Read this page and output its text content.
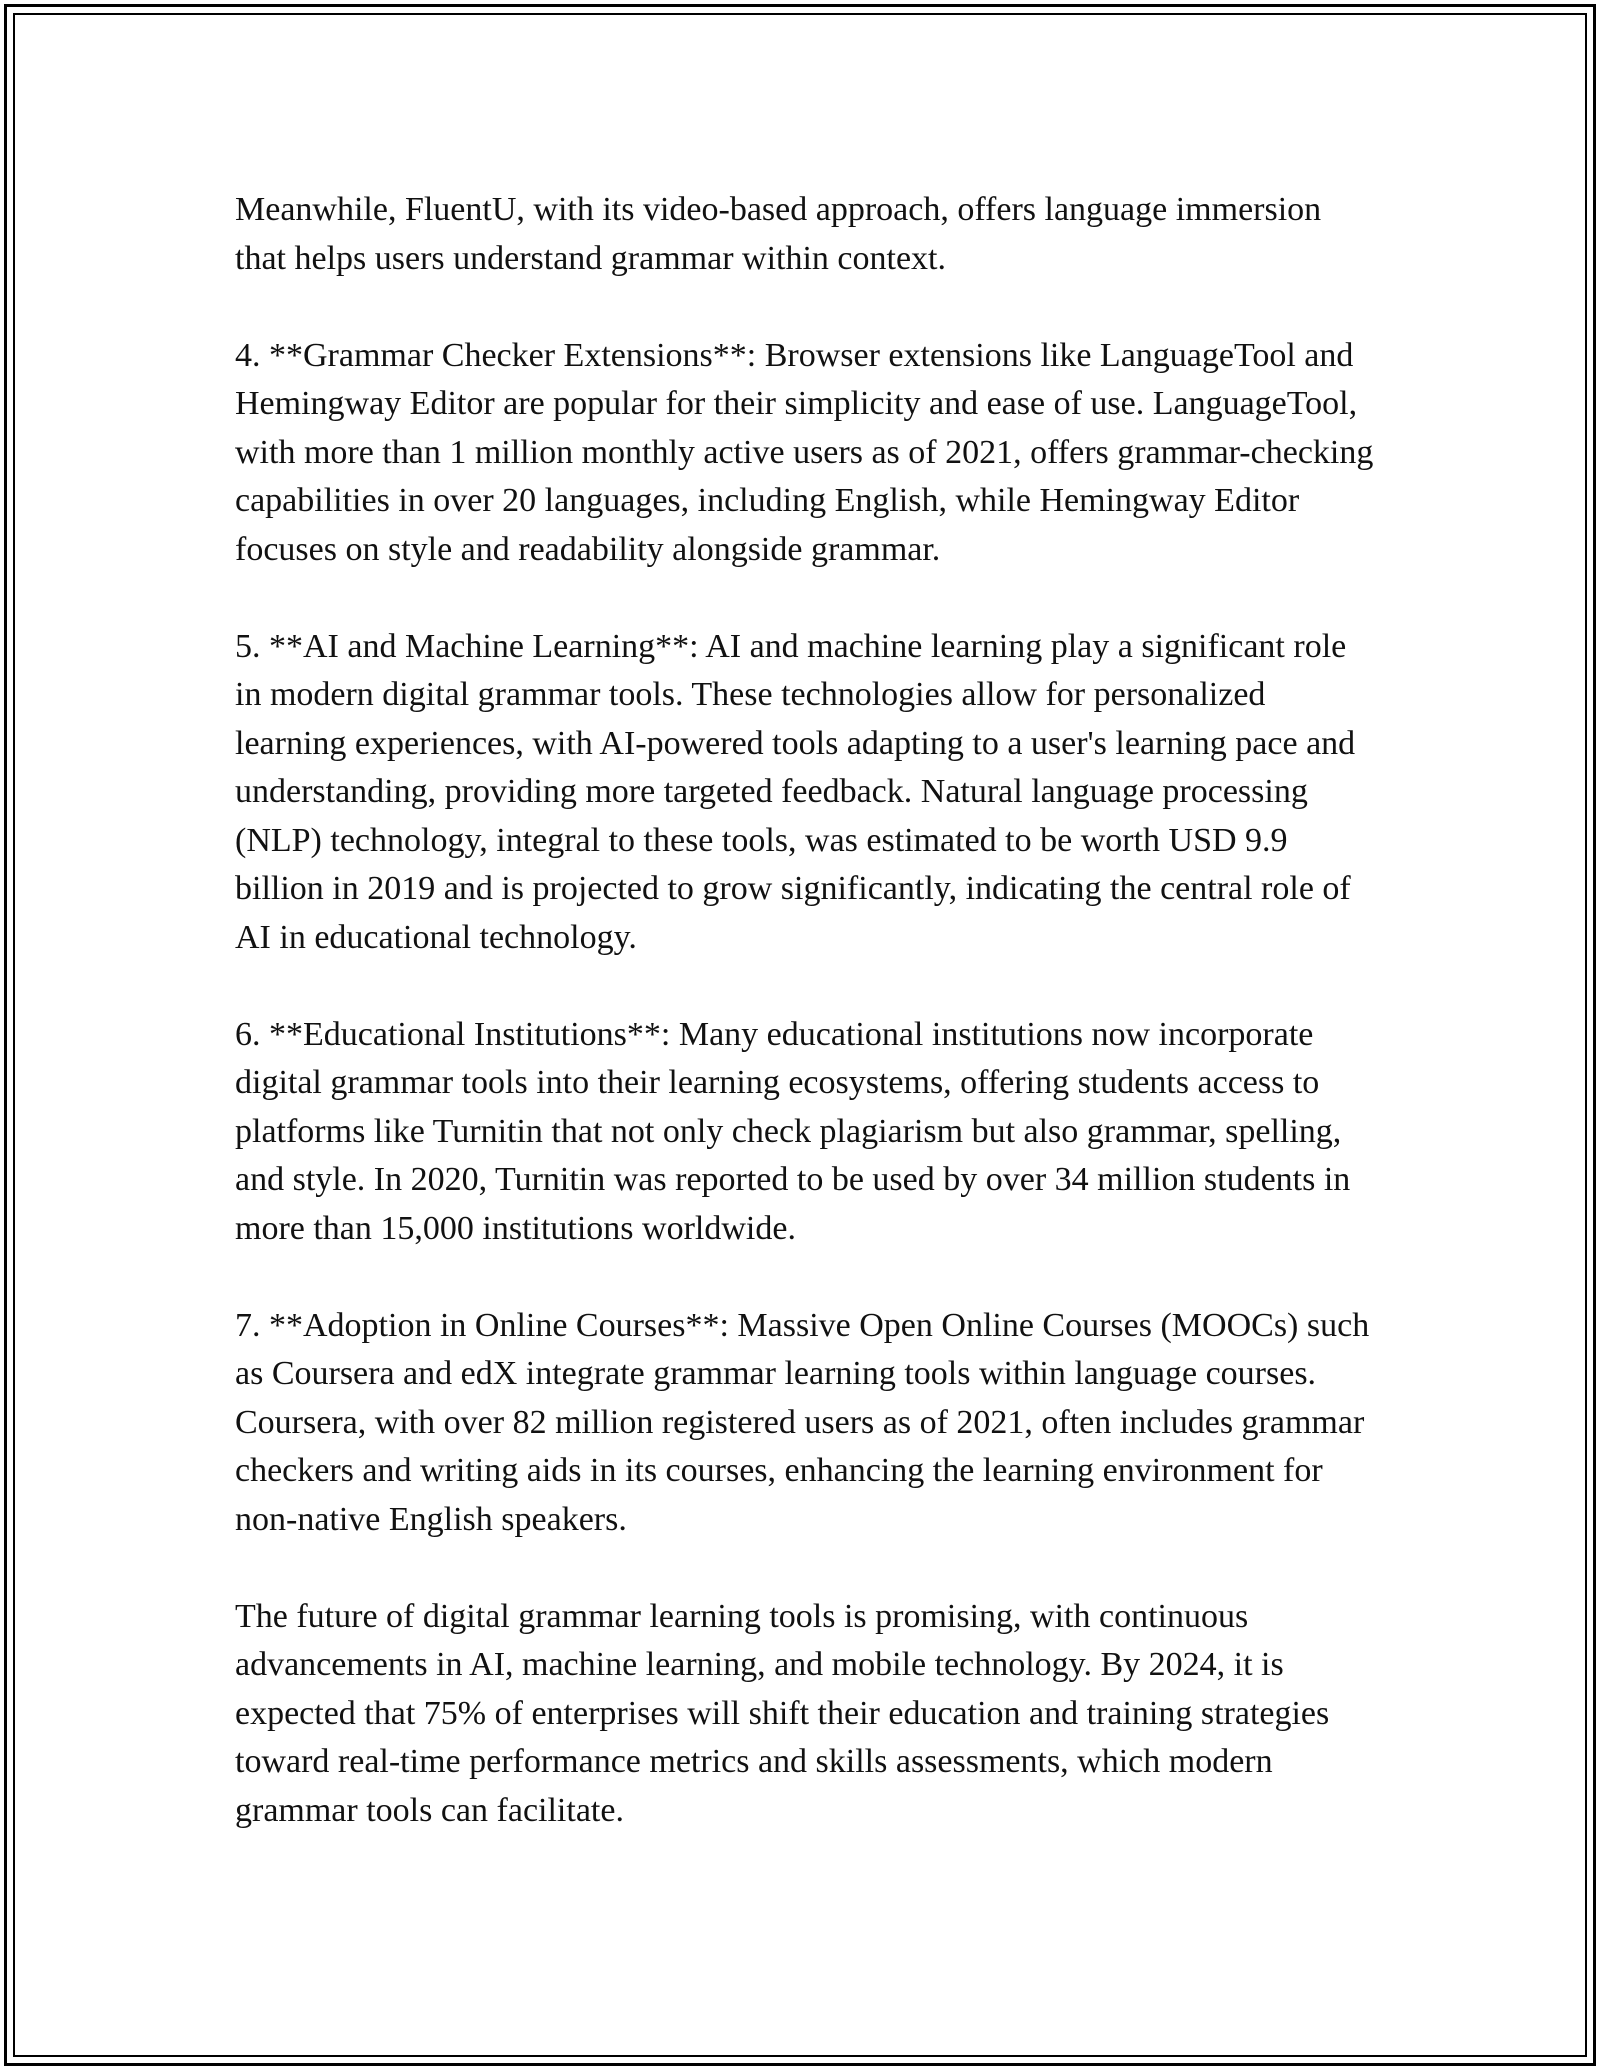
Meanwhile, FluentU, with its video-based approach, offers language immersion that helps users understand grammar within context.

4. **Grammar Checker Extensions**: Browser extensions like LanguageTool and Hemingway Editor are popular for their simplicity and ease of use. LanguageTool, with more than 1 million monthly active users as of 2021, offers grammar-checking capabilities in over 20 languages, including English, while Hemingway Editor focuses on style and readability alongside grammar.

5. **AI and Machine Learning**: AI and machine learning play a significant role in modern digital grammar tools. These technologies allow for personalized learning experiences, with AI-powered tools adapting to a user's learning pace and understanding, providing more targeted feedback. Natural language processing (NLP) technology, integral to these tools, was estimated to be worth USD 9.9 billion in 2019 and is projected to grow significantly, indicating the central role of AI in educational technology.

6. **Educational Institutions**: Many educational institutions now incorporate digital grammar tools into their learning ecosystems, offering students access to platforms like Turnitin that not only check plagiarism but also grammar, spelling, and style. In 2020, Turnitin was reported to be used by over 34 million students in more than 15,000 institutions worldwide.

7. **Adoption in Online Courses**: Massive Open Online Courses (MOOCs) such as Coursera and edX integrate grammar learning tools within language courses. Coursera, with over 82 million registered users as of 2021, often includes grammar checkers and writing aids in its courses, enhancing the learning environment for non-native English speakers.

The future of digital grammar learning tools is promising, with continuous advancements in AI, machine learning, and mobile technology. By 2024, it is expected that 75% of enterprises will shift their education and training strategies toward real-time performance metrics and skills assessments, which modern grammar tools can facilitate.
